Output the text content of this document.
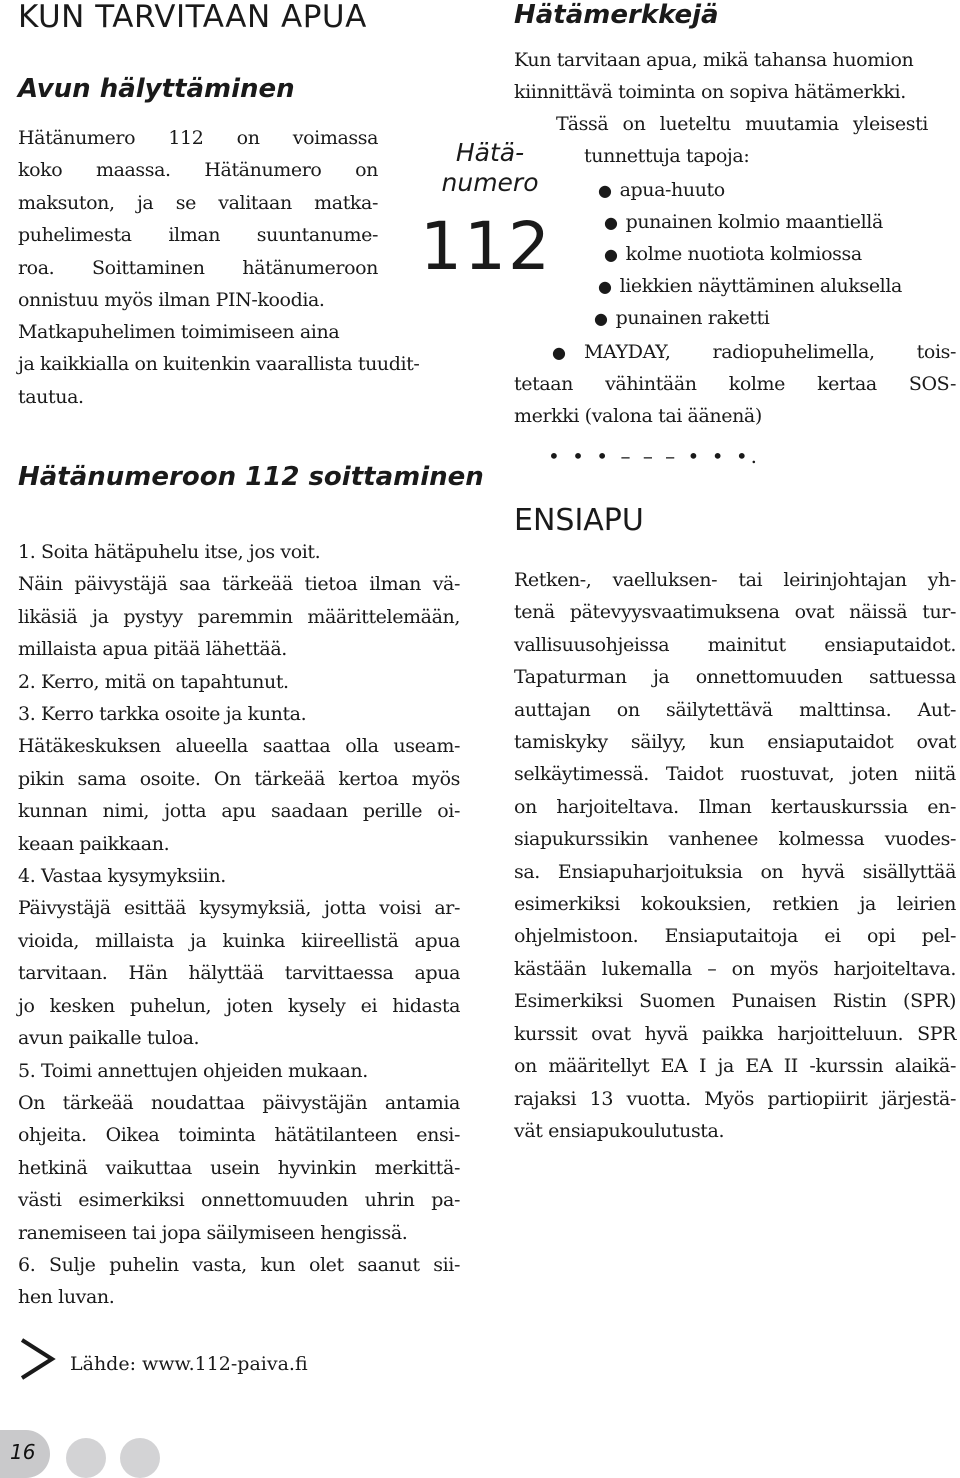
KUN TARVITAAN APUA
Avun hälyttäminen
Hätänumero 112 on voimassa
koko maassa. Hätänumero on
maksuton, ja se valitaan matka-
puhelimesta ilman suuntanume-
roa. Soittaminen hätänumeroon
onnistuu myös ilman PIN-koodia.
Matkapuhelimen toimimiseen aina
ja kaikkialla on kuitenkin vaarallista tuudit-
tautua.
Hätänumeroon 112 soittaminen
1. Soita hätäpuhelu itse, jos voit.
Näin päivystäjä saa tärkeää tietoa ilman vä-
likäsiä ja pystyy paremmin määrittelemään,
millaista apua pitää lähettää.
2. Kerro, mitä on tapahtunut.
3. Kerro tarkka osoite ja kunta.
Hätäkeskuksen alueella saattaa olla useam-
pikin sama osoite. On tärkeää kertoa myös
kunnan nimi, jotta apu saadaan perille oi-
keaan paikkaan.
4. Vastaa kysymyksiin.
Päivystäjä esittää kysymyksiä, jotta voisi ar-
vioida, millaista ja kuinka kiireellistä apua
tarvitaan. Hän hälyttää tarvittaessa apua
jo kesken puhelun, joten kysely ei hidasta
avun paikalle tuloa.
5. Toimi annettujen ohjeiden mukaan.
On tärkeää noudattaa päivystäjän antamia
ohjeita. Oikea toiminta hätätilanteen ensi-
hetkinä vaikuttaa usein hyvinkin merkittä-
västi esimerkiksi onnettomuuden uhrin pa-
ranemiseen tai jopa säilymiseen hengissä.
6. Sulje puhelin vasta, kun olet saanut sii-
hen luvan.
Hätä-
numero
112
Hätämerkkejä
Kun tarvitaan apua, mikä tahansa huomion
kiinnittävä toiminta on sopiva hätämerkki.
Tässä on lueteltu muutamia yleisesti
tunnettuja tapoja:
● apua-huuto
● punainen kolmio maantiellä
● kolme nuotiota kolmiossa
● liekkien näyttäminen aluksella
● punainen raketti
● MAYDAY, radiopuhelimella, tois-
tetaan vähintään kolme kertaa SOS-
merkki (valona tai äänenä)
• • • – – – • • •.
ENSIAPU
Retken-, vaelluksen- tai leirinjohtajan yh-
tenä pätevyysvaatimuksena ovat näissä tur-
vallisuusohjeissa mainitut ensiaputaidot.
Tapaturman ja onnettomuuden sattuessa
auttajan on säilytettävä malttinsa. Aut-
tamiskyky säilyy, kun ensiaputaidot ovat
selkäytimessä. Taidot ruostuvat, joten niitä
on harjoiteltava. Ilman kertauskurssia en-
siapukurssikin vanhenee kolmessa vuodes-
sa. Ensiapuharjoituksia on hyvä sisällyttää
esimerkiksi kokouksien, retkien ja leirien
ohjelmistoon. Ensiaputaitoja ei opi pel-
kästään lukemalla – on myös harjoiteltava.
Esimerkiksi Suomen Punaisen Ristin (SPR)
kurssit ovat hyvä paikka harjoitteluun. SPR
on määritellyt EA I ja EA II -kurssin alaikä-
rajaksi 13 vuotta. Myös partiopiirit järjestä-
vät ensiapukoulutusta.
Lähde: www.112-paiva.fi
16
